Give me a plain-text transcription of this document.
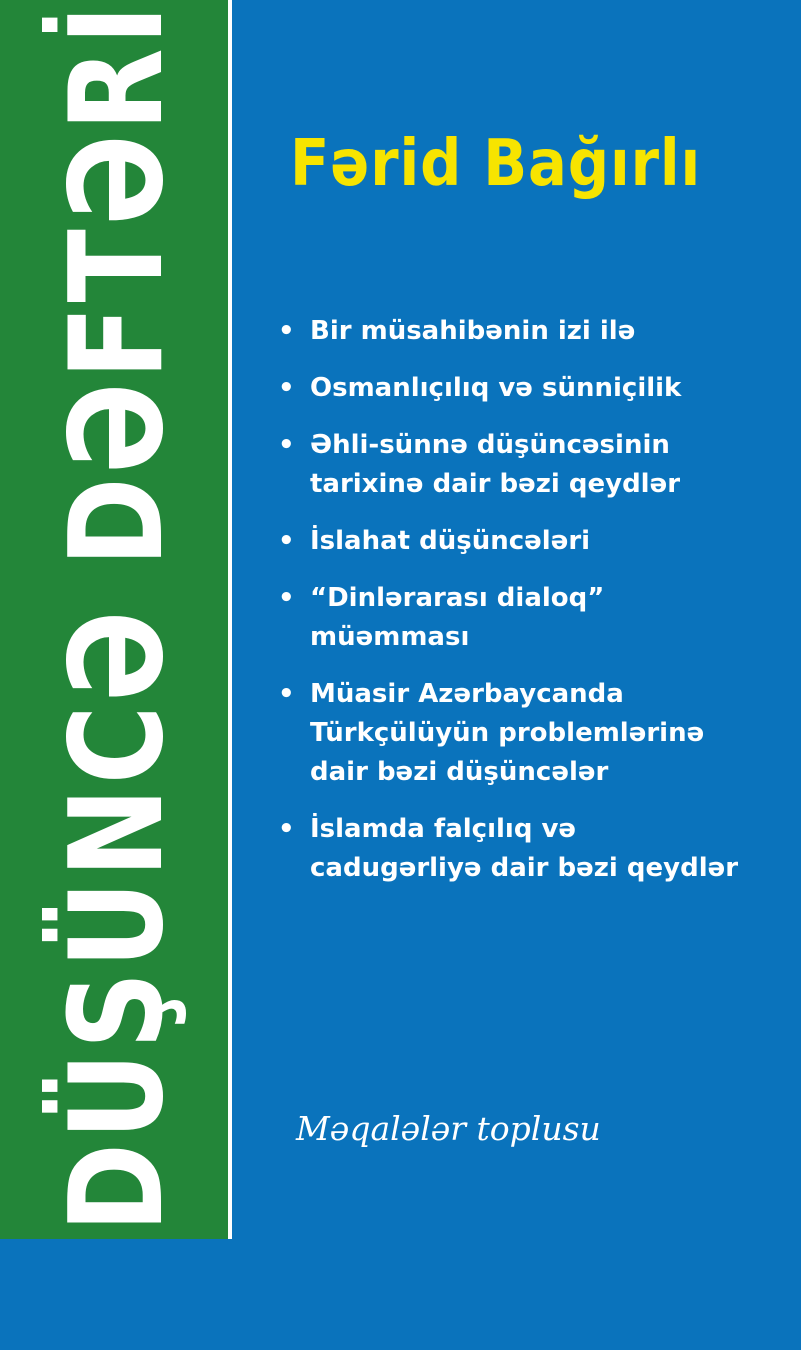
DÜŞÜNCƏ DƏFTƏRİ Fərid Bağırlı
• Bir müsahibənin izi ilə
• Osmanlıçılıq və sünniçilik
• Əhli-sünnə düşüncəsinin
tarixinə dair bəzi qeydlər
• İslahat düşüncələri
• “Dinlərarası dialoq”
müəmması
• Müasir Azərbaycanda
Türkçülüyün problemlərinə
dair bəzi düşüncələr
• İslamda falçılıq və
cadugərliyə dair bəzi qeydlər
Məqalələr toplusu
